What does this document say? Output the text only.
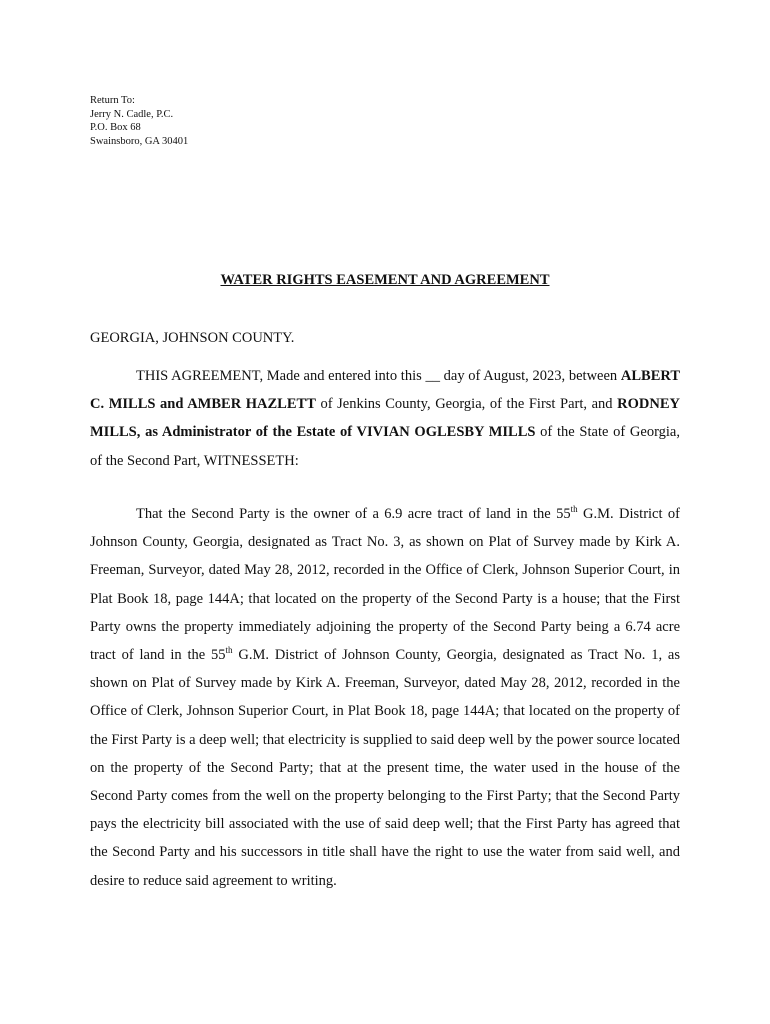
Return To:
Jerry N. Cadle, P.C.
P.O. Box 68
Swainsboro, GA 30401
WATER RIGHTS EASEMENT AND AGREEMENT
GEORGIA, JOHNSON COUNTY.

THIS AGREEMENT, Made and entered into this __ day of August, 2023, between ALBERT C. MILLS and AMBER HAZLETT of Jenkins County, Georgia, of the First Part, and RODNEY MILLS, as Administrator of the Estate of VIVIAN OGLESBY MILLS of the State of Georgia, of the Second Part, WITNESSETH:

That the Second Party is the owner of a 6.9 acre tract of land in the 55th G.M. District of Johnson County, Georgia, designated as Tract No. 3, as shown on Plat of Survey made by Kirk A. Freeman, Surveyor, dated May 28, 2012, recorded in the Office of Clerk, Johnson Superior Court, in Plat Book 18, page 144A; that located on the property of the Second Party is a house; that the First Party owns the property immediately adjoining the property of the Second Party being a 6.74 acre tract of land in the 55th G.M. District of Johnson County, Georgia, designated as Tract No. 1, as shown on Plat of Survey made by Kirk A. Freeman, Surveyor, dated May 28, 2012, recorded in the Office of Clerk, Johnson Superior Court, in Plat Book 18, page 144A; that located on the property of the First Party is a deep well; that electricity is supplied to said deep well by the power source located on the property of the Second Party; that at the present time, the water used in the house of the Second Party comes from the well on the property belonging to the First Party; that the Second Party pays the electricity bill associated with the use of said deep well; that the First Party has agreed that the Second Party and his successors in title shall have the right to use the water from said well, and desire to reduce said agreement to writing.
